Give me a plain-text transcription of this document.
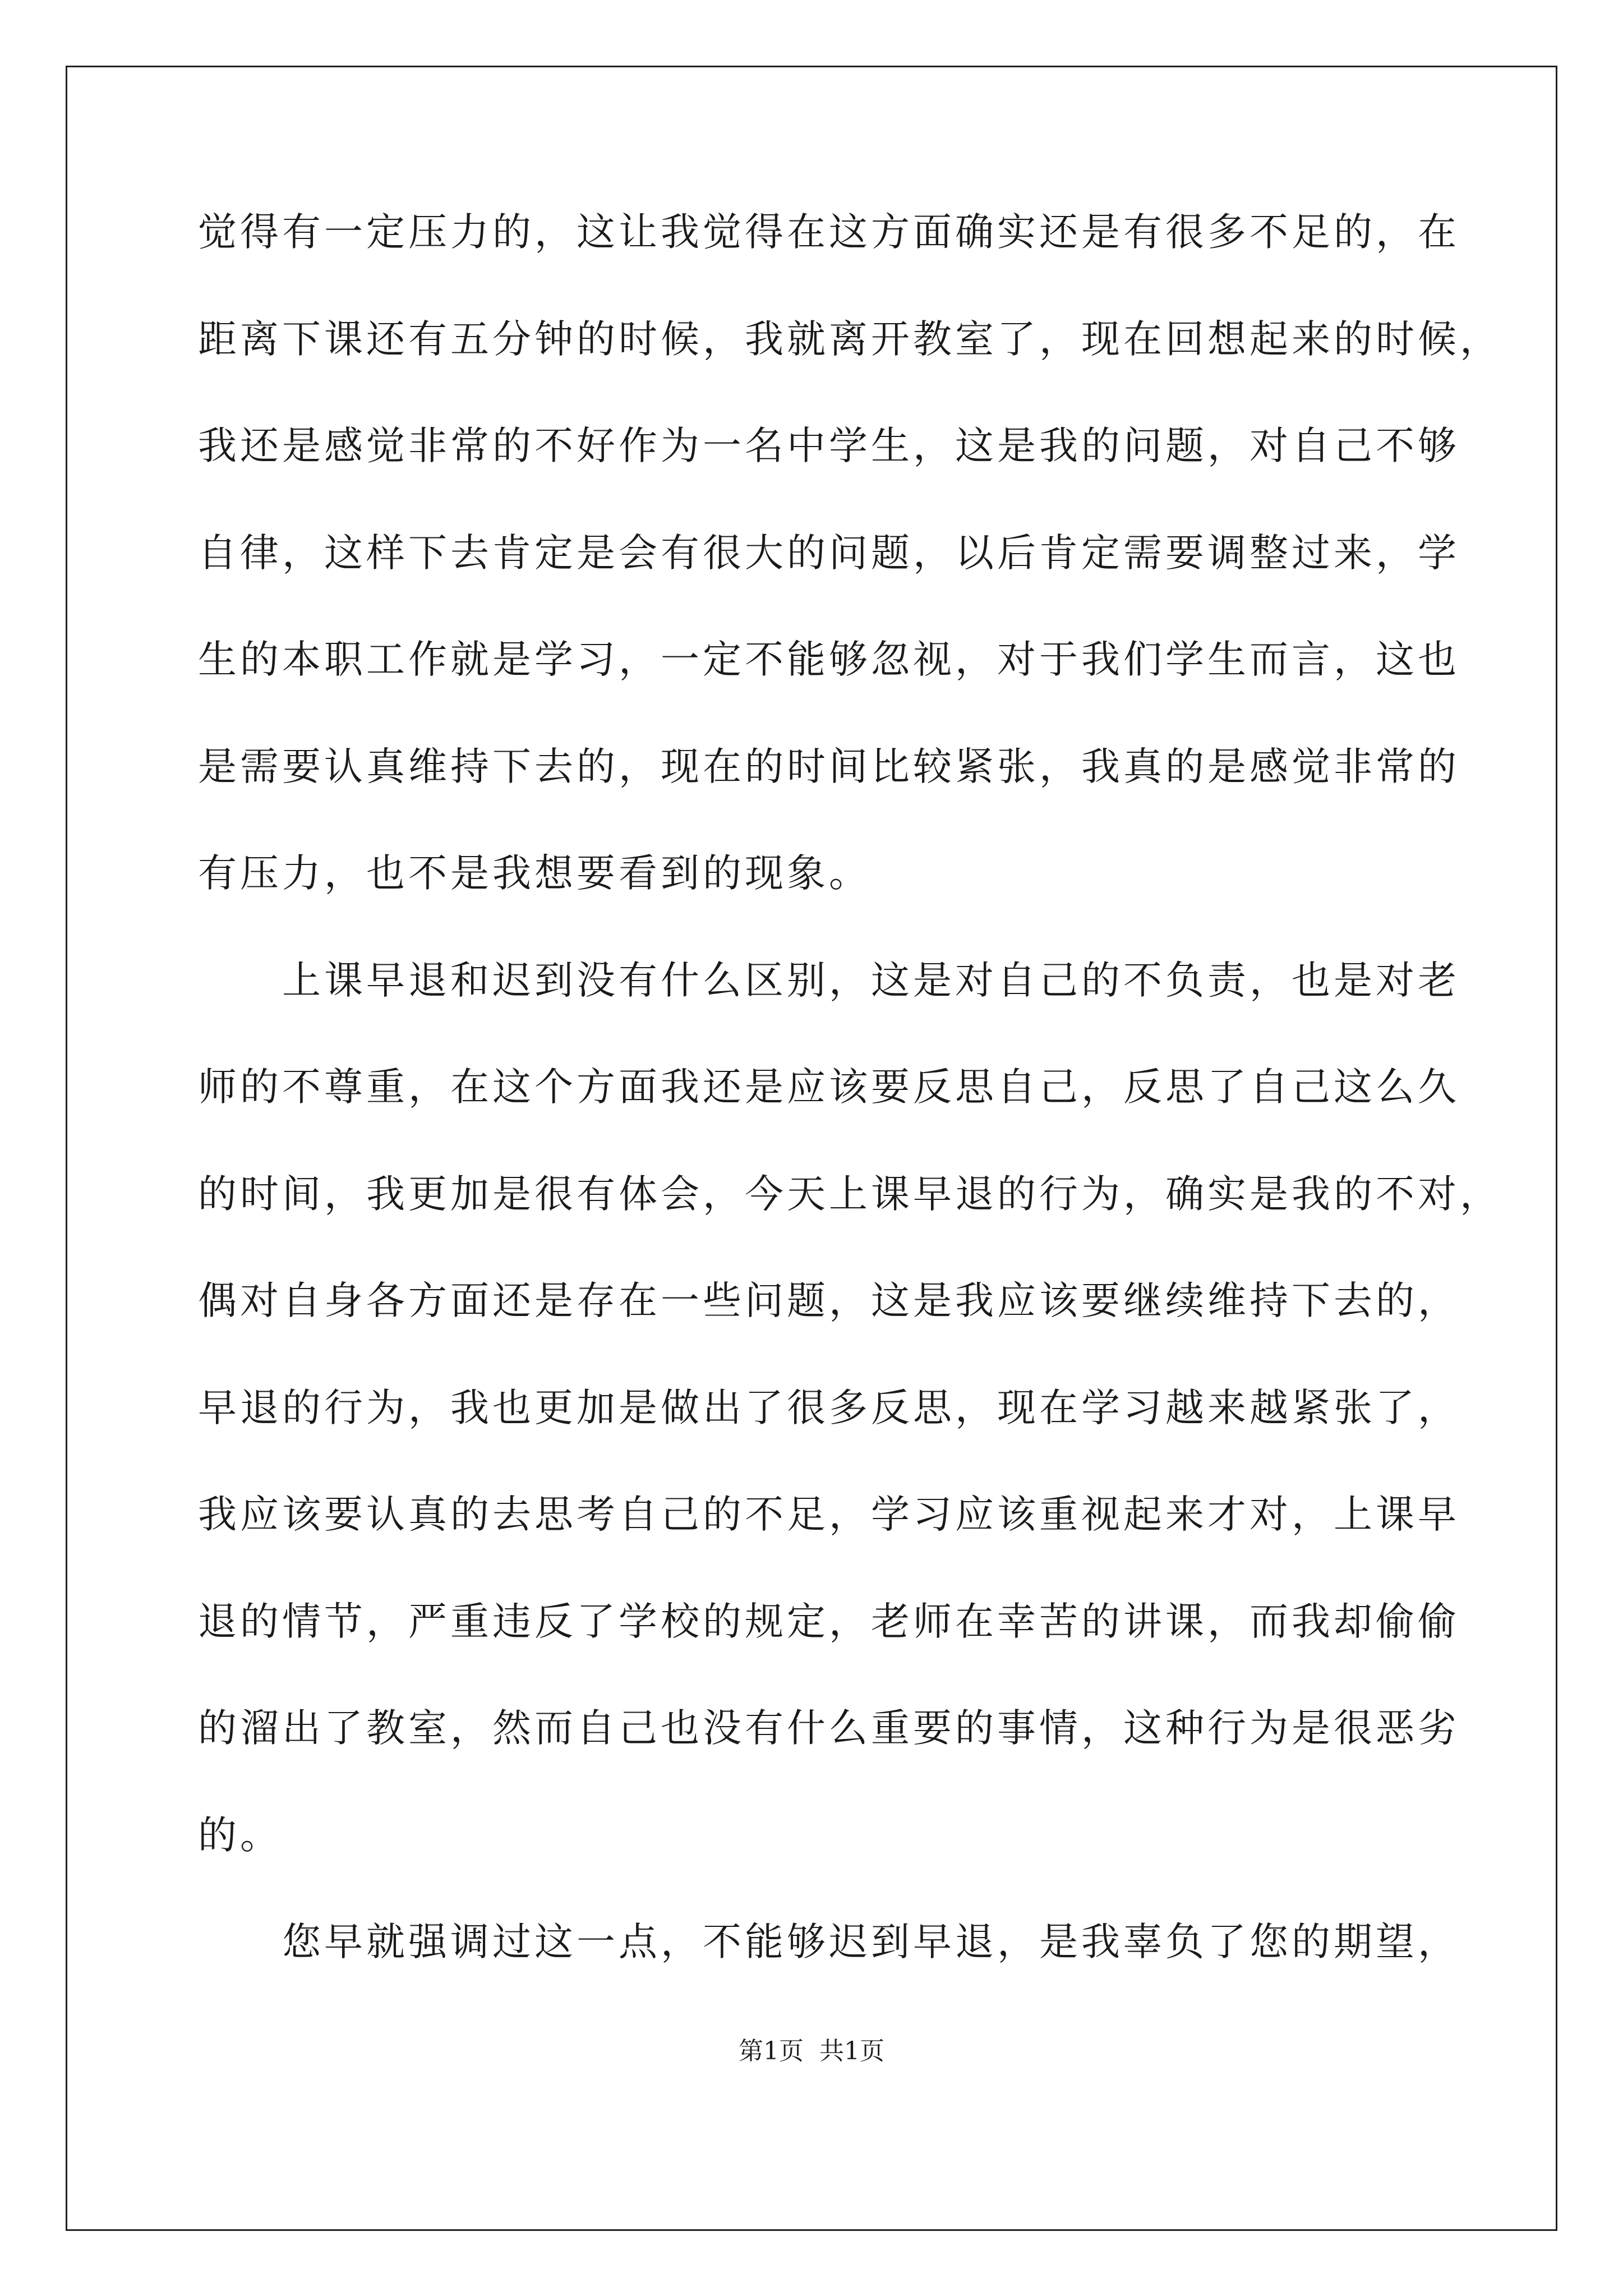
觉得有一定压力的，这让我觉得在这方面确实还是有很多不足的，在
距离下课还有五分钟的时候，我就离开教室了，现在回想起来的时候，
我还是感觉非常的不好作为一名中学生，这是我的问题，对自己不够
自律，这样下去肯定是会有很大的问题，以后肯定需要调整过来，学
生的本职工作就是学习，一定不能够忽视，对于我们学生而言，这也
是需要认真维持下去的，现在的时间比较紧张，我真的是感觉非常的
有压力，也不是我想要看到的现象。
　　上课早退和迟到没有什么区别，这是对自己的不负责，也是对老
师的不尊重，在这个方面我还是应该要反思自己，反思了自己这么久
的时间，我更加是很有体会，今天上课早退的行为，确实是我的不对，
偶对自身各方面还是存在一些问题，这是我应该要继续维持下去的，
早退的行为，我也更加是做出了很多反思，现在学习越来越紧张了，
我应该要认真的去思考自己的不足，学习应该重视起来才对，上课早
退的情节，严重违反了学校的规定，老师在幸苦的讲课，而我却偷偷
的溜出了教室，然而自己也没有什么重要的事情，这种行为是很恶劣
的。
　　您早就强调过这一点，不能够迟到早退，是我辜负了您的期望，
第1页 共1页
